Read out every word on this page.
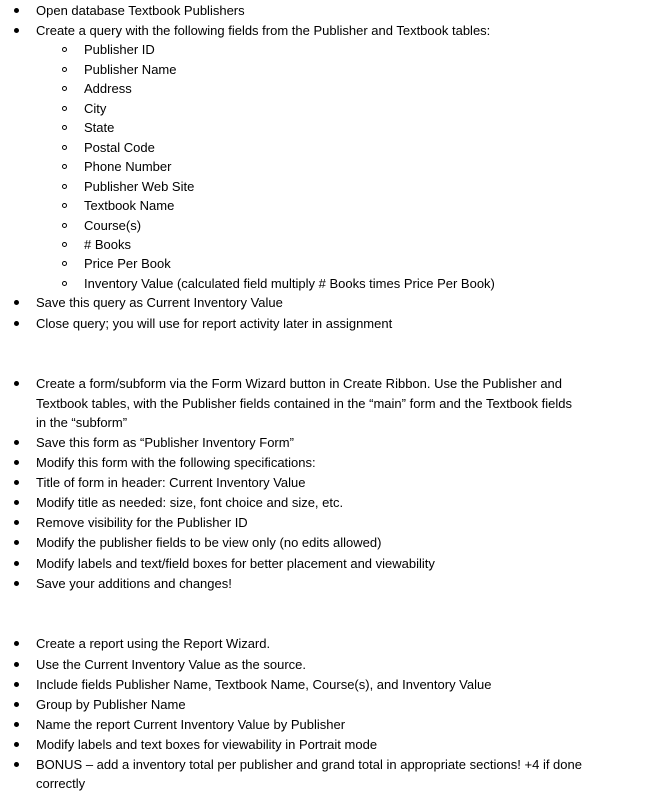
Open database Textbook Publishers
Create a query with the following fields from the Publisher and Textbook tables:
Publisher ID
Publisher Name
Address
City
State
Postal Code
Phone Number
Publisher Web Site
Textbook Name
Course(s)
# Books
Price Per Book
Inventory Value (calculated field multiply # Books times Price Per Book)
Save this query as Current Inventory Value
Close query; you will use for report activity later in assignment
Create a form/subform via the Form Wizard button in Create Ribbon. Use the Publisher and
Textbook tables, with the Publisher fields contained in the “main” form and the Textbook fields
in the “subform”
Save this form as “Publisher Inventory Form”
Modify this form with the following specifications:
Title of form in header: Current Inventory Value
Modify title as needed: size, font choice and size, etc.
Remove visibility for the Publisher ID
Modify the publisher fields to be view only (no edits allowed)
Modify labels and text/field boxes for better placement and viewability
Save your additions and changes!
Create a report using the Report Wizard.
Use the Current Inventory Value as the source.
Include fields Publisher Name, Textbook Name, Course(s), and Inventory Value
Group by Publisher Name
Name the report Current Inventory Value by Publisher
Modify labels and text boxes for viewability in Portrait mode
BONUS – add a inventory total per publisher and grand total in appropriate sections! +4 if done
correctly
